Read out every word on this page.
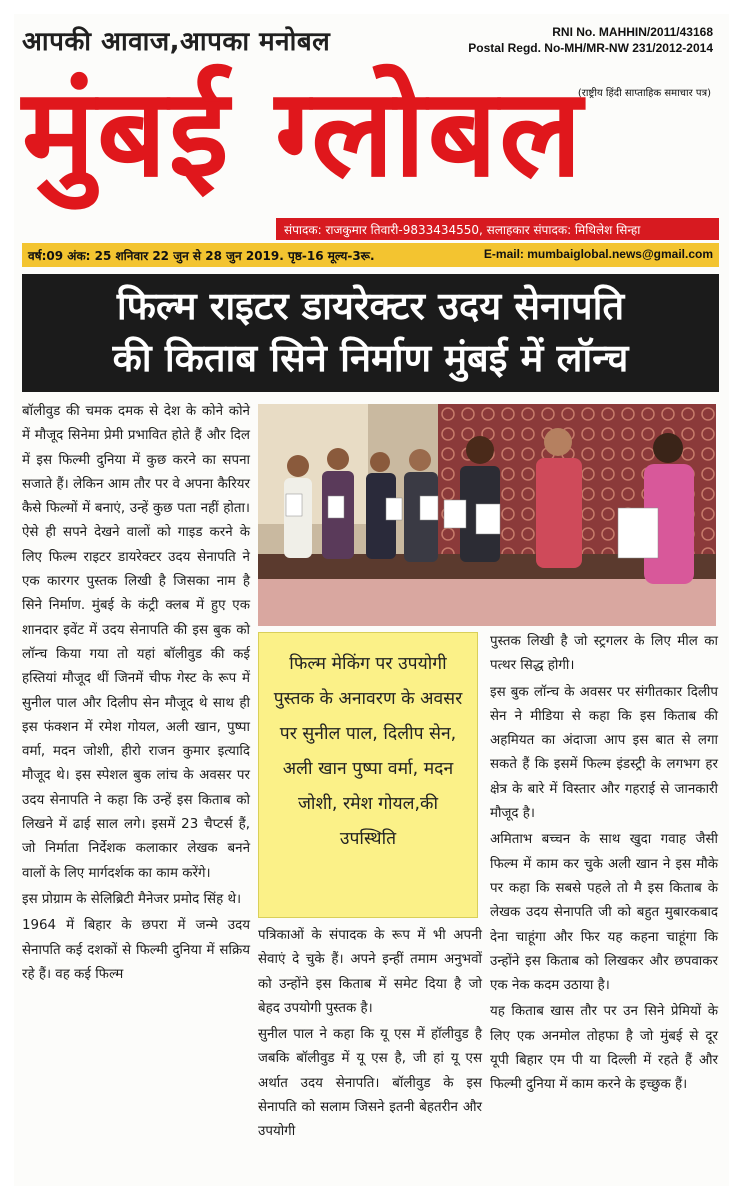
आपकी आवाज,आपका मनोबल	RNI No. MAHHIN/2011/43168
Postal Regd. No-MH/MR-NW 231/2012-2014
(राष्ट्रीय हिंदी साप्ताहिक समाचार पत्र)
मुंबई ग्लोबल
संपादक: राजकुमार तिवारी-9833434550, सलाहकार संपादक: मिथिलेश सिन्हा
वर्ष:09 अंक: 25 शनिवार 22 जुन से 28 जुन 2019. पृष्ठ-16 मूल्य-3रू.	E-mail: mumbaiglobal.news@gmail.com
फिल्म राइटर डायरेक्टर उदय सेनापति
की किताब सिने निर्माण मुंबई में लॉन्च

बॉलीवुड की चमक दमक से देश के कोने कोने में मौजूद सिनेमा प्रेमी प्रभावित होते हैं और दिल में इस फिल्मी दुनिया में कुछ करने का सपना सजाते हैं। लेकिन आम तौर पर वे अपना कैरियर कैसे फिल्मों में बनाएं, उन्हें कुछ पता नहीं होता। ऐसे ही सपने देखने वालों को गाइड करने के लिए फिल्म राइटर डायरेक्टर उदय सेनापति ने एक कारगर पुस्तक लिखी है जिसका नाम है सिने निर्माण. मुंबई के कंट्री क्लब में हुए एक शानदार इवेंट में उदय सेनापति की इस बुक को लॉन्च किया गया तो यहां बॉलीवुड की कई हस्तियां मौजूद थीं जिनमें चीफ गेस्ट के रूप में सुनील पाल और दिलीप सेन मौजूद थे साथ ही इस फंक्शन में रमेश गोयल, अली खान, पुष्पा वर्मा, मदन जोशी, हीरो राजन कुमार इत्यादि मौजूद थे। इस स्पेशल बुक लांच के अवसर पर उदय सेनापति ने कहा कि उन्हें इस किताब को लिखने में ढाई साल लगे। इसमें 23 चैप्टर्स हैं, जो निर्माता निर्देशक कलाकार लेखक बनने वालों के लिए मार्गदर्शक का काम करेंगे।

इस प्रोग्राम के सेलिब्रिटी मैनेजर प्रमोद सिंह थे।

1964 में बिहार के छपरा में जन्मे उदय सेनापति कई दशकों से फिल्मी दुनिया में सक्रिय रहे हैं। वह कई फिल्म

फिल्म मेकिंग पर उपयोगी पुस्तक के अनावरण के अवसर पर सुनील पाल, दिलीप सेन, अली खान पुष्पा वर्मा, मदन जोशी, रमेश गोयल,की उपस्थिति

पत्रिकाओं के संपादक के रूप में भी अपनी सेवाएं दे चुके हैं। अपने इन्हीं तमाम अनुभवों को उन्होंने इस किताब में समेट दिया है जो बेहद उपयोगी पुस्तक है।

सुनील पाल ने कहा कि यू एस में हॉलीवुड है जबकि बॉलीवुड में यू एस है, जी हां यू एस अर्थात उदय सेनापति। बॉलीवुड के इस सेनापति को सलाम जिसने इतनी बेहतरीन और उपयोगी

पुस्तक लिखी है जो स्ट्रगलर के लिए मील का पत्थर सिद्ध होगी।

इस बुक लॉन्च के अवसर पर संगीतकार दिलीप सेन ने मीडिया से कहा कि इस किताब की अहमियत का अंदाजा आप इस बात से लगा सकते हैं कि इसमें फिल्म इंडस्ट्री के लगभग हर क्षेत्र के बारे में विस्तार और गहराई से जानकारी मौजूद है।

अमिताभ बच्चन के साथ खुदा गवाह जैसी फिल्म में काम कर चुके अली खान ने इस मौके पर कहा कि सबसे पहले तो मै इस किताब के लेखक उदय सेनापति जी को बहुत मुबारकबाद देना चाहूंगा और फिर यह कहना चाहूंगा कि उन्होंने इस किताब को लिखकर और छपवाकर एक नेक कदम उठाया है।

यह किताब खास तौर पर उन सिने प्रेमियों के लिए एक अनमोल तोहफा है जो मुंबई से दूर यूपी बिहार एम पी या दिल्ली में रहते हैं और फिल्मी दुनिया में काम करने के इच्छुक हैं।
